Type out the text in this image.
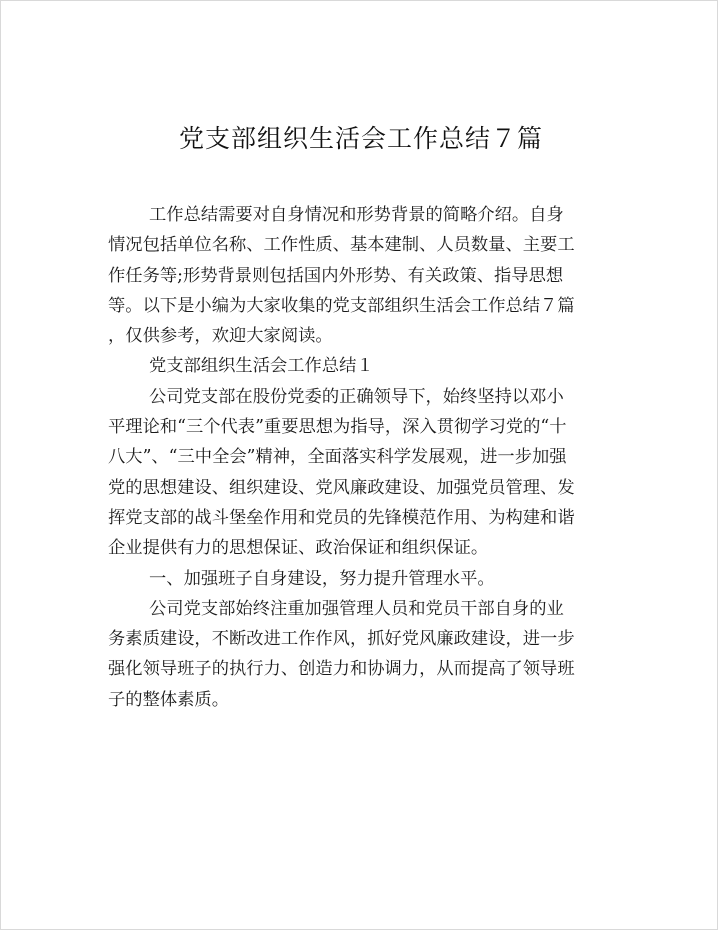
党支部组织生活会工作总结７篇
工作总结需要对自身情况和形势背景的简略介绍。自身
情况包括单位名称、工作性质、基本建制、人员数量、主要工
作任务等;形势背景则包括国内外形势、有关政策、指导思想
等。以下是小编为大家收集的党支部组织生活会工作总结７篇
，仅供参考，欢迎大家阅读。
党支部组织生活会工作总结１
公司党支部在股份党委的正确领导下，始终坚持以邓小
平理论和“三个代表”重要思想为指导，深入贯彻学习党的“十
八大”、“三中全会”精神，全面落实科学发展观，进一步加强
党的思想建设、组织建设、党风廉政建设、加强党员管理、发
挥党支部的战斗堡垒作用和党员的先锋模范作用、为构建和谐
企业提供有力的思想保证、政治保证和组织保证。
一、加强班子自身建设，努力提升管理水平。
公司党支部始终注重加强管理人员和党员干部自身的业
务素质建设，不断改进工作作风，抓好党风廉政建设，进一步
强化领导班子的执行力、创造力和协调力，从而提高了领导班
子的整体素质。
